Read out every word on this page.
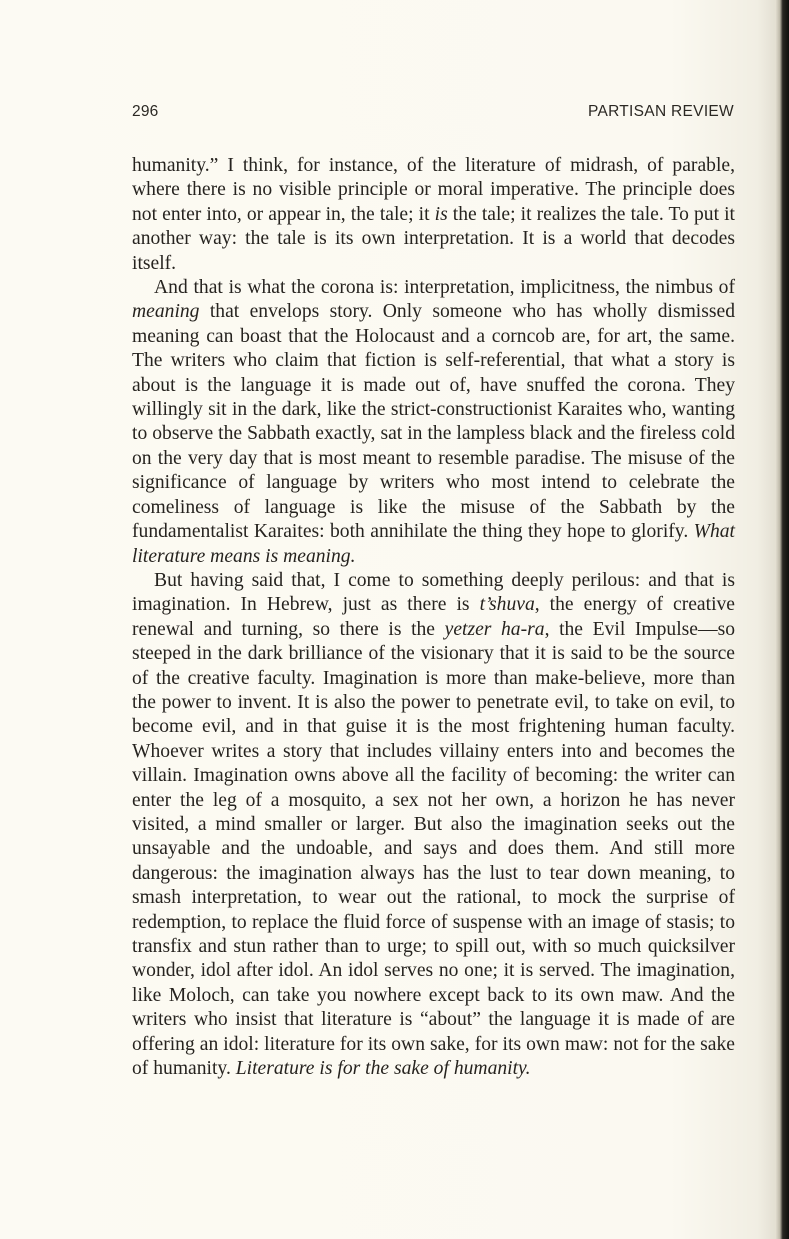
296	PARTISAN REVIEW

humanity.” I think, for instance, of the literature of midrash, of parable, where there is no visible principle or moral imperative. The principle does not enter into, or appear in, the tale; it is the tale; it realizes the tale. To put it another way: the tale is its own interpretation. It is a world that decodes itself.

And that is what the corona is: interpretation, implicitness, the nimbus of meaning that envelops story. Only someone who has wholly dismissed meaning can boast that the Holocaust and a corncob are, for art, the same. The writers who claim that fiction is self-referential, that what a story is about is the language it is made out of, have snuffed the corona. They willingly sit in the dark, like the strict-constructionist Karaites who, wanting to observe the Sabbath exactly, sat in the lampless black and the fireless cold on the very day that is most meant to resemble paradise. The misuse of the significance of language by writers who most intend to celebrate the comeliness of language is like the misuse of the Sabbath by the fundamentalist Karaites: both annihilate the thing they hope to glorify. What literature means is meaning.

But having said that, I come to something deeply perilous: and that is imagination. In Hebrew, just as there is t’shuva, the energy of creative renewal and turning, so there is the yetzer ha-ra, the Evil Impulse—so steeped in the dark brilliance of the visionary that it is said to be the source of the creative faculty. Imagination is more than make-believe, more than the power to invent. It is also the power to penetrate evil, to take on evil, to become evil, and in that guise it is the most frightening human faculty. Whoever writes a story that includes villainy enters into and becomes the villain. Imagination owns above all the facility of becoming: the writer can enter the leg of a mosquito, a sex not her own, a horizon he has never visited, a mind smaller or larger. But also the imagination seeks out the unsayable and the undoable, and says and does them. And still more dangerous: the imagination always has the lust to tear down meaning, to smash interpretation, to wear out the rational, to mock the surprise of redemption, to replace the fluid force of suspense with an image of stasis; to transfix and stun rather than to urge; to spill out, with so much quicksilver wonder, idol after idol. An idol serves no one; it is served. The imagination, like Moloch, can take you nowhere except back to its own maw. And the writers who insist that literature is “about” the language it is made of are offering an idol: literature for its own sake, for its own maw: not for the sake of humanity. Literature is for the sake of humanity.
